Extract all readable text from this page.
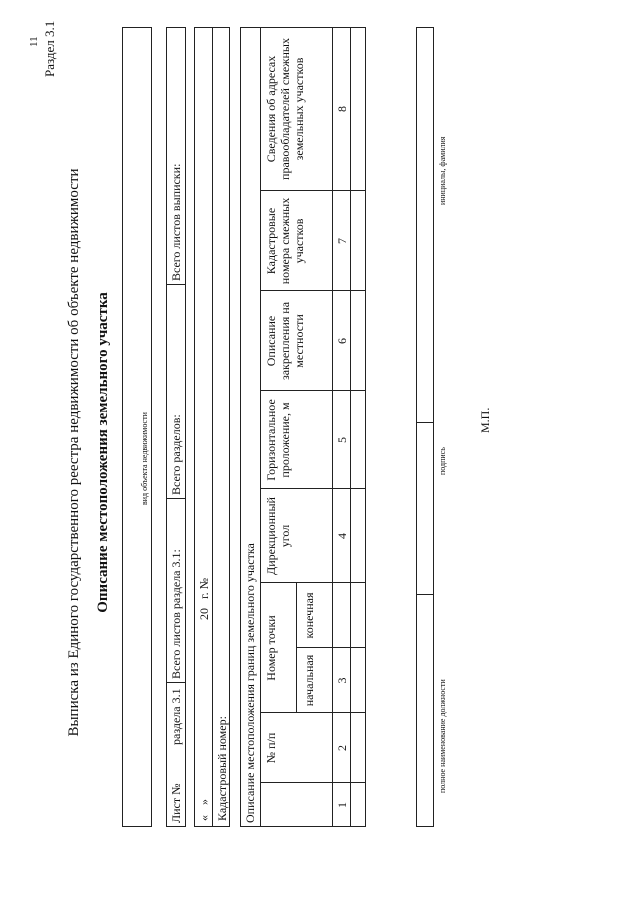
11 Раздел 3.1
Выписка из Единого государственного реестра недвижимости об объекте недвижимости Описание местоположения земельного участка	вид объекта недвижимости
Лист №
раздела 3.1
Всего листов раздела 3.1:
Всего разделов:
Всего листов выписки:
«
»
20
г. №
Кадастровый номер: Описание местоположения границ земельного участка № п/п
Номер точки начальная
конечная
Дирекционный угол
Горизонтальное проложение, м
Описание закрепления на местности
Кадастровые номера смежных участков
Сведения об адресах правообладателей смежных земельных участков
1
2
3
4
5
6
7
8
полное наименование должности
подпись
инициалы, фамилия
М.П.
